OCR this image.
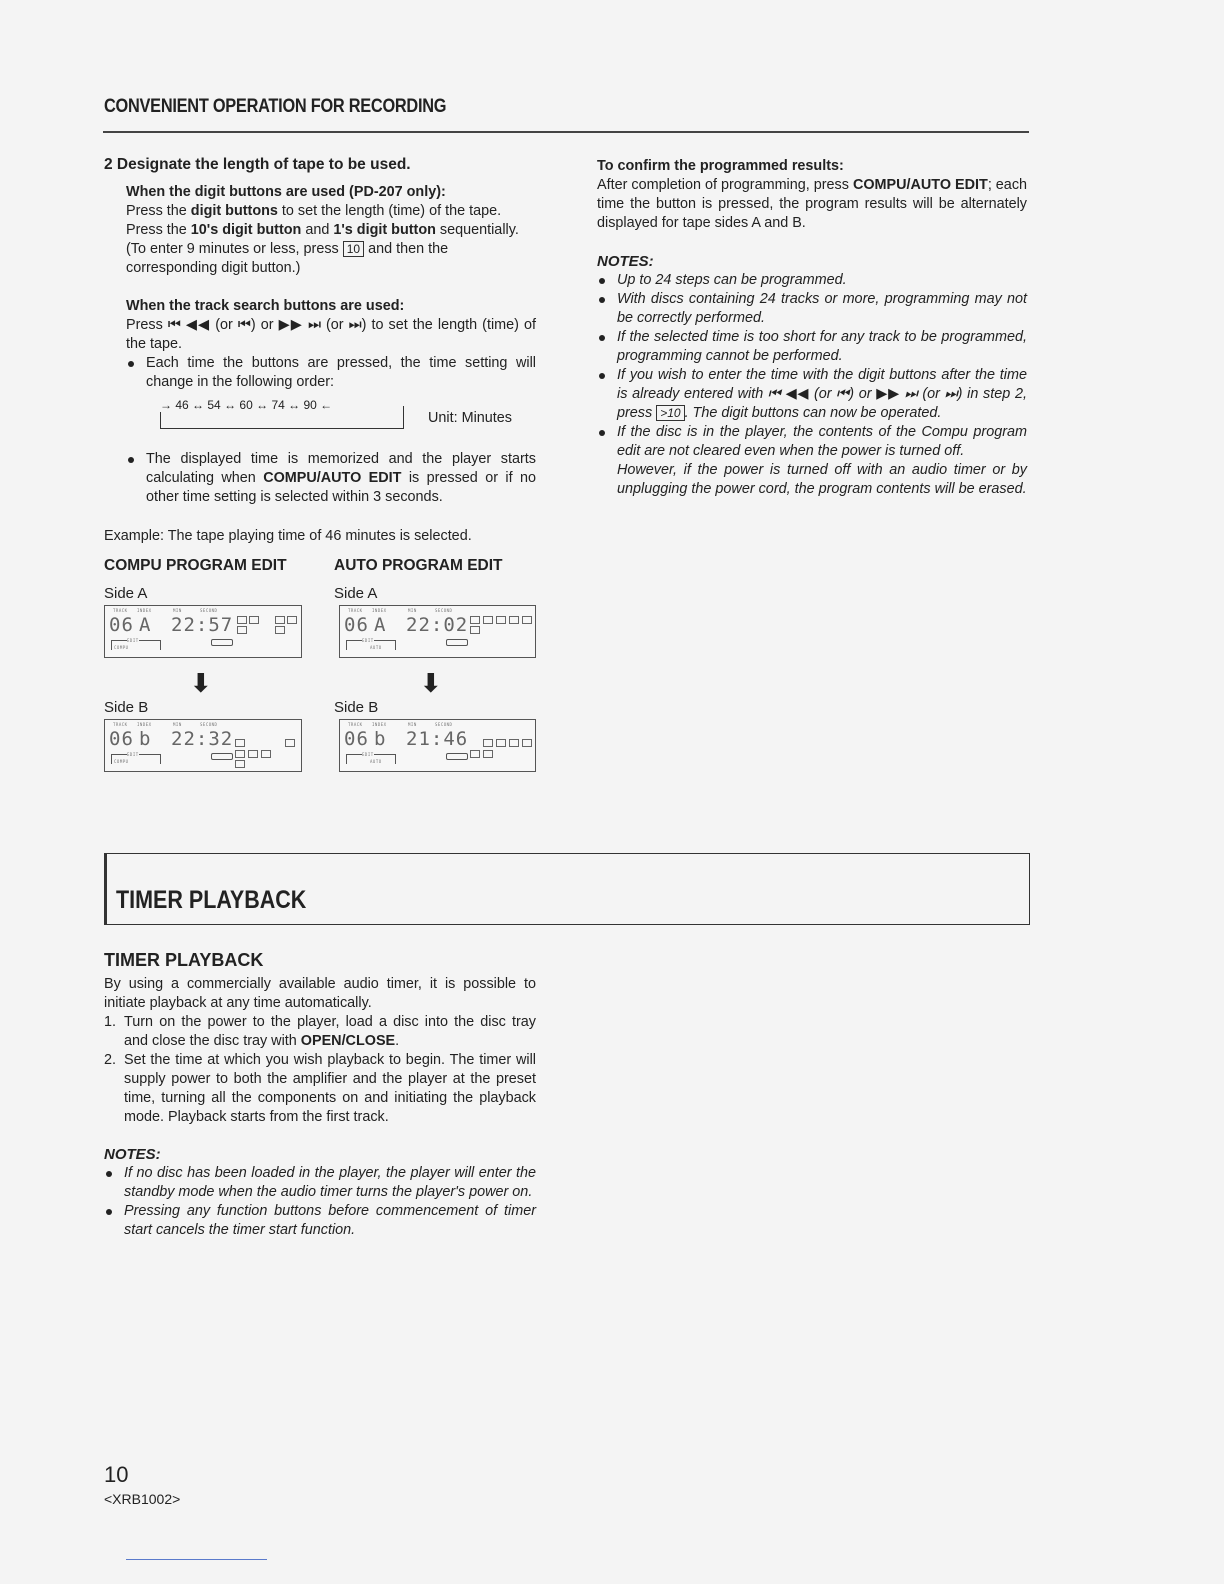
CONVENIENT OPERATION FOR RECORDING
2 Designate the length of tape to be used.
When the digit buttons are used (PD-207 only):

Press the digit buttons to set the length (time) of the tape.

Press the 10's digit button and 1's digit button sequentially.

(To enter 9 minutes or less, press 10 and then the corresponding digit button.)

When the track search buttons are used:

Press ⏮ ◀◀ (or ⏮) or ▶▶ ⏭ (or ⏭) to set the length (time) of the tape.

Each time the buttons are pressed, the time setting will change in the following order:

→ 46 ↔ 54 ↔ 60 ↔ 74 ↔ 90 ←
Unit: Minutes

The displayed time is memorized and the player starts calculating when COMPU/AUTO EDIT is pressed or if no other time setting is selected within 3 seconds.

Example: The tape playing time of 46 minutes is selected.
COMPU PROGRAM EDIT	AUTO PROGRAM EDIT
Side A	Side A
TRACK INDEX	MIN	SECOND
06 A 22:57
EDIT
COMPU
TRACK INDEX	MIN	SECOND
06 A 22:02
EDIT
AUTO
⬇	⬇
Side B	Side B
TRACK INDEX	MIN	SECOND
06 b 22:32
EDIT
COMPU
TRACK INDEX	MIN	SECOND
06 b 21:46
EDIT
AUTO
To confirm the programmed results:

After completion of programming, press COMPU/AUTO EDIT; each time the button is pressed, the program results will be alternately displayed for tape sides A and B.

NOTES:

Up to 24 steps can be programmed.

With discs containing 24 tracks or more, programming may not be correctly performed.

If the selected time is too short for any track to be programmed, programming cannot be performed.

If you wish to enter the time with the digit buttons after the time is already entered with ⏮ ◀◀ (or ⏮) or ▶▶ ⏭ (or ⏭) in step 2, press >10 . The digit buttons can now be operated.

If the disc is in the player, the contents of the Compu program edit are not cleared even when the power is turned off.

However, if the power is turned off with an audio timer or by unplugging the power cord, the program contents will be erased.

TIMER PLAYBACK
TIMER PLAYBACK

By using a commercially available audio timer, it is possible to initiate playback at any time automatically.

1. Turn on the power to the player, load a disc into the disc tray and close the disc tray with OPEN/CLOSE.
2. Set the time at which you wish playback to begin. The timer will supply power to both the amplifier and the player at the preset time, turning all the components on and initiating the playback mode. Playback starts from the first track.
NOTES:

If no disc has been loaded in the player, the player will enter the standby mode when the audio timer turns the player's power on.

Pressing any function buttons before commencement of timer start cancels the timer start function.

10
<XRB1002>
